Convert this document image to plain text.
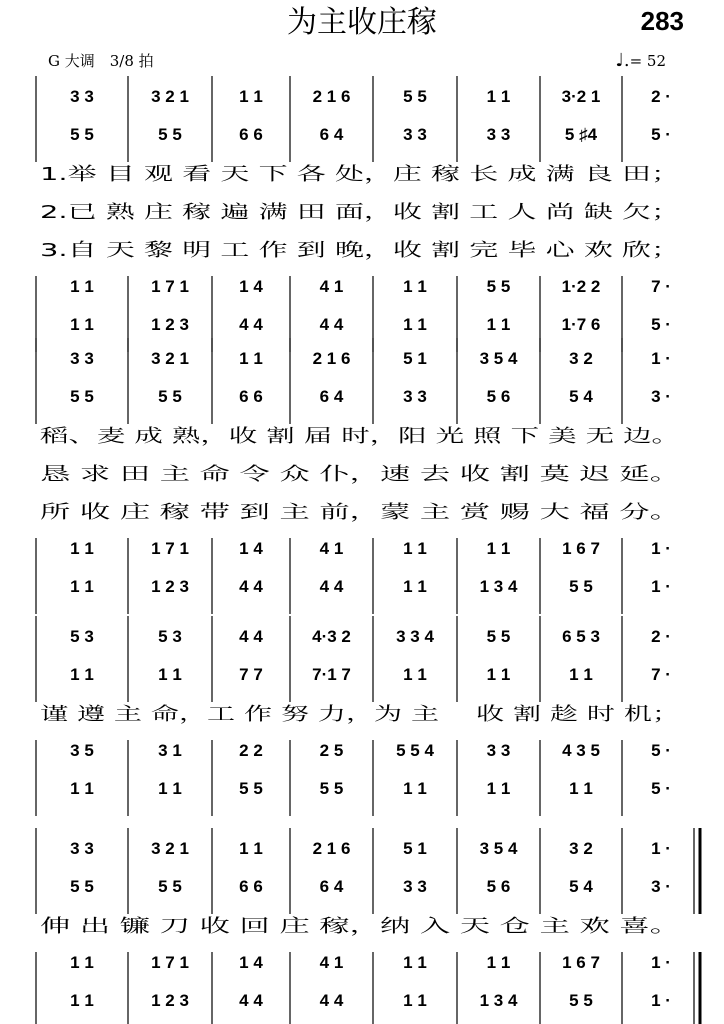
为主收庄稼	283
G 大调　3/8 拍	♩.= 52
3 3	3 2 1	1 1	2 1 6	5 5	1 1	3·2 1	2 ·
5 5	5 5	6 6	6 4	3 3	3 3	5 ♯4	5 ·
1.举 目 观 看 天 下 各 处，庄 稼 长 成 满 良 田；
2.已 熟 庄 稼 遍 满 田 面，收 割 工 人 尚 缺 欠；
3.自 天 黎 明 工 作 到 晚，收 割 完 毕 心 欢 欣；
1 1	1 7 1	1 4	4 1	1 1	5 5	1·2 2	7 ·
1 1	1 2 3	4 4	4 4	1 1	1 1	1·7 6	5 ·
3 3	3 2 1	1 1	2 1 6	5 1	3 5 4	3 2	1 ·
5 5	5 5	6 6	6 4	3 3	5 6	5 4	3 ·
稻、麦 成 熟，收 割 届 时，阳 光 照 下 美 无 边。
恳 求 田 主 命 令 众 仆，速 去 收 割 莫 迟 延。
所 收 庄 稼 带 到 主 前，蒙 主 赏 赐 大 福 分。
1 1	1 7 1	1 4	4 1	1 1	1 1	1 6 7	1 ·
1 1	1 2 3	4 4	4 4	1 1	1 3 4	5 5	1 ·
5 3	5 3	4 4	4·3 2	3 3 4	5 5	6 5 3	2 ·
1 1	1 1	7 7	7·1 7	1 1	1 1	1 1	7 ·
谨 遵 主 命，工 作 努 力，为 主 　收 割 趁 时 机；
3 5	3 1	2 2	2 5	5 5 4	3 3	4 3 5	5 ·
1 1	1 1	5 5	5 5	1 1	1 1	1 1	5 ·
3 3	3 2 1	1 1	2 1 6	5 1	3 5 4	3 2	1 ·
5 5	5 5	6 6	6 4	3 3	5 6	5 4	3 ·
伸 出 镰 刀 收 回 庄 稼，纳 入 天 仓 主 欢 喜。
1 1	1 7 1	1 4	4 1	1 1	1 1	1 6 7	1 ·
1 1	1 2 3	4 4	4 4	1 1	1 3 4	5 5	1 ·
